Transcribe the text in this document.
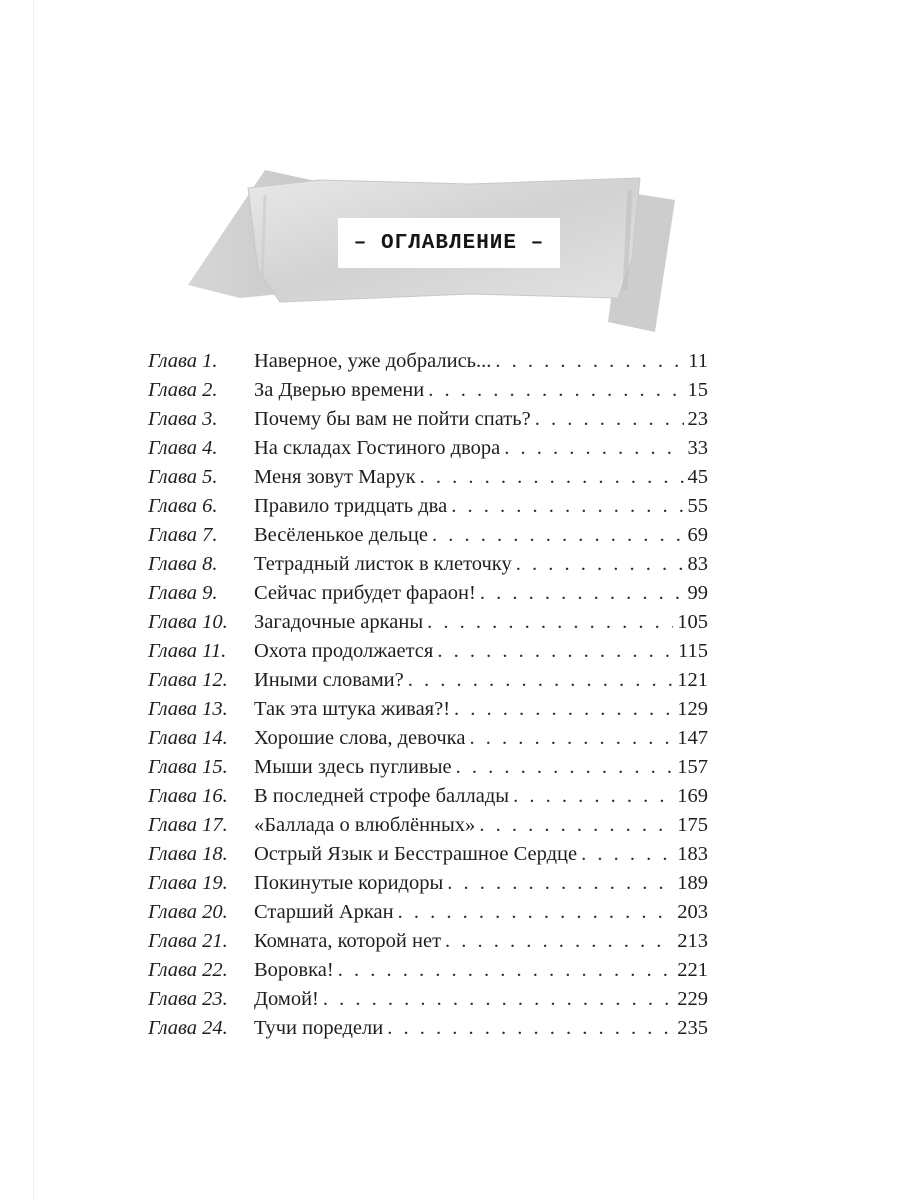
– ОГЛАВЛЕНИЕ –
Глава 1.	Наверное, уже добрались... . . .	11
Глава 2.	За Дверью времени . . .	15
Глава 3.	Почему бы вам не пойти спать? . . .	23
Глава 4.	На складах Гостиного двора . . .	33
Глава 5.	Меня зовут Марук . . .	45
Глава 6.	Правило тридцать два . . .	55
Глава 7.	Весёленькое дельце . . .	69
Глава 8.	Тетрадный листок в клеточку . . .	83
Глава 9.	Сейчас прибудет фараон! . . .	99
Глава 10.	Загадочные арканы . . .	105
Глава 11.	Охота продолжается . . .	115
Глава 12.	Иными словами? . . .	121
Глава 13.	Так эта штука живая?! . . .	129
Глава 14.	Хорошие слова, девочка . . .	147
Глава 15.	Мыши здесь пугливые . . .	157
Глава 16.	В последней строфе баллады . . .	169
Глава 17.	«Баллада о влюблённых» . . .	175
Глава 18.	Острый Язык и Бесстрашное Сердце . . .	183
Глава 19.	Покинутые коридоры . . .	189
Глава 20.	Старший Аркан . . .	203
Глава 21.	Комната, которой нет . . .	213
Глава 22.	Воровка! . . .	221
Глава 23.	Домой! . . .	229
Глава 24.	Тучи поредели . . .	235
